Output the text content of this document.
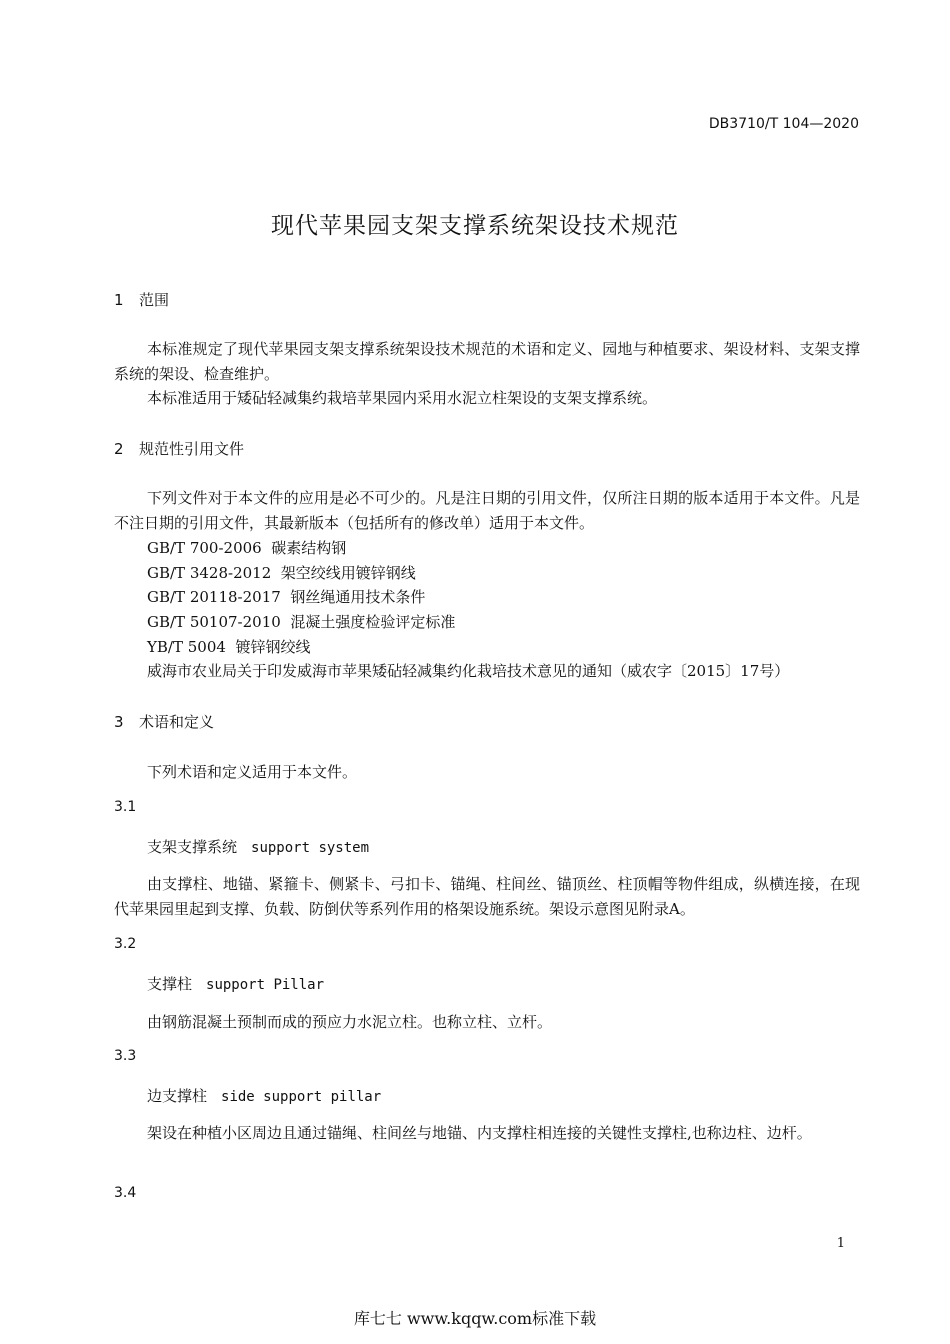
DB3710/T 104—2020
现代苹果园支架支撑系统架设技术规范
1 范围
本标准规定了现代苹果园支架支撑系统架设技术规范的术语和定义、园地与种植要求、架设材料、支架支撑系统的架设、检查维护。
本标准适用于矮砧轻减集约栽培苹果园内采用水泥立柱架设的支架支撑系统。
2 规范性引用文件
下列文件对于本文件的应用是必不可少的。凡是注日期的引用文件，仅所注日期的版本适用于本文件。凡是不注日期的引用文件，其最新版本（包括所有的修改单）适用于本文件。
GB/T 700-2006 碳素结构钢
GB/T 3428-2012 架空绞线用镀锌钢线
GB/T 20118-2017 钢丝绳通用技术条件
GB/T 50107-2010 混凝土强度检验评定标准
YB/T 5004 镀锌钢绞线
威海市农业局关于印发威海市苹果矮砧轻减集约化栽培技术意见的通知（威农字〔2015〕17号）
3 术语和定义
下列术语和定义适用于本文件。
3.1
支架支撑系统 support system
由支撑柱、地锚、紧箍卡、侧紧卡、弓扣卡、锚绳、柱间丝、锚顶丝、柱顶帽等物件组成，纵横连接，在现代苹果园里起到支撑、负载、防倒伏等系列作用的格架设施系统。架设示意图见附录A。
3.2
支撑柱 support Pillar
由钢筋混凝土预制而成的预应力水泥立柱。也称立柱、立杆。
3.3
边支撑柱 side support pillar
架设在种植小区周边且通过锚绳、柱间丝与地锚、内支撑柱相连接的关键性支撑柱,也称边柱、边杆。
3.4
1
库七七 www.kqqw.com标准下载
